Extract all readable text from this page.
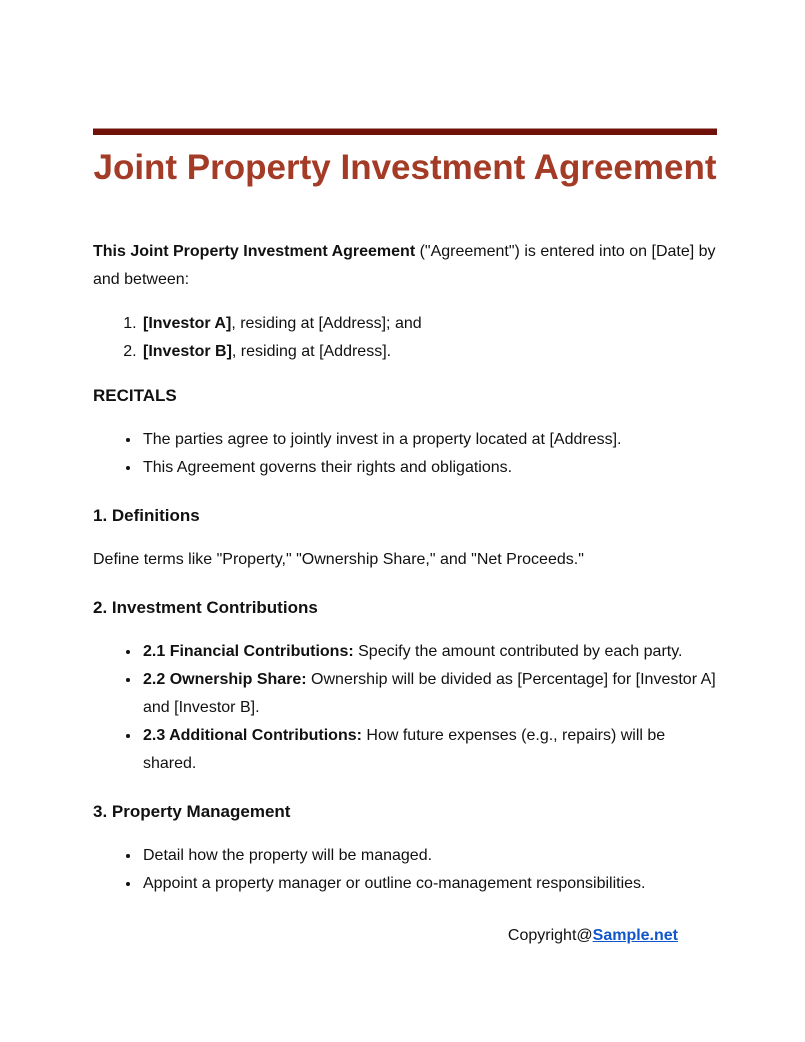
Joint Property Investment Agreement

This Joint Property Investment Agreement ("Agreement") is entered into on [Date] by and between:

1. [Investor A], residing at [Address]; and
2. [Investor B], residing at [Address].

RECITALS

• The parties agree to jointly invest in a property located at [Address].
• This Agreement governs their rights and obligations.
1. Definitions

Define terms like "Property," "Ownership Share," and "Net Proceeds."

2. Investment Contributions
• 2.1 Financial Contributions: Specify the amount contributed by each party.
• 2.2 Ownership Share: Ownership will be divided as [Percentage] for [Investor A] and [Investor B].
• 2.3 Additional Contributions: How future expenses (e.g., repairs) will be shared.
3. Property Management
• Detail how the property will be managed.
• Appoint a property manager or outline co-management responsibilities.

Copyright@Sample.net
